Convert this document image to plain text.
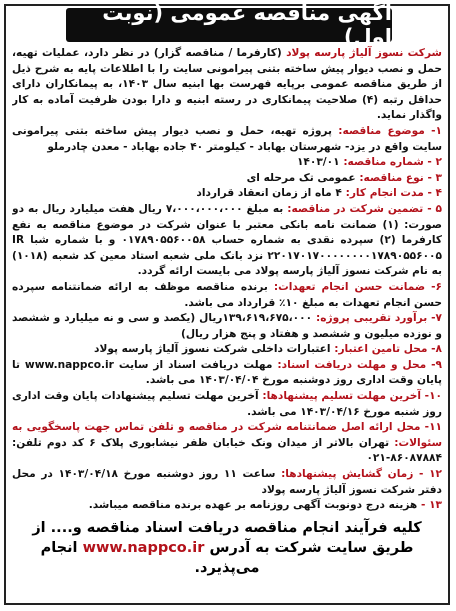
آگهی مناقصه عمومی (نوبت اول)

شرکت نسوز آلیاژ پارسه پولاد (کارفرما / مناقصه گزار) در نظر دارد، عملیات تهیه، حمل و نصب دیوار پیش ساخته بتنی پیرامونی سایت را با اطلاعات پایه به شرح ذیل از طریق مناقصه عمومی برپایه فهرست بها ابنیه سال ۱۴۰۳، به پیمانکاران دارای حداقل رتبه (۴) صلاحیت پیمانکاری در رسته ابنیه و دارا بودن ظرفیت آماده به کار واگذار نماید.

۱- موضوع مناقصه: پروژه تهیه، حمل و نصب دیوار پیش ساخته بتنی پیرامونی سایت واقع در یزد- شهرستان بهاباد - کیلومتر ۴۰ جاده بهاباد - معدن چادرملو

۲ - شماره مناقصه: ۱۴۰۳/۰۱

۳ - نوع مناقصه: عمومی تک مرحله ای

۴ - مدت انجام کار: ۴ ماه از زمان انعقاد قرارداد

۵ - تضمین شرکت در مناقصه: به مبلغ ۷،۰۰۰،۰۰۰،۰۰۰ ریال هفت میلیارد ریال به دو صورت: (۱) ضمانت نامه بانکی معتبر با عنوان شرکت در موضوع مناقصه به نفع کارفرما (۲) سپرده نقدی به شماره حساب ۰۱۷۸۹۰۵۵۶۰۰۵۸ و با شماره شبا IR ۲۲۰۱۷۰۱۷۰۰۰۰۰۰۰۰۱۷۸۹۰۵۵۶۰۰۵ نزد بانک ملی شعبه استاد معین کد شعبه (۱۰۱۸) به نام شرکت نسوز آلیاژ پارسه پولاد می بایست ارائه گردد.

۶- ضمانت حسن انجام تعهدات: برنده مناقصه موظف به ارائه ضمانتنامه سپرده حسن انجام تعهدات به مبلغ ۱۰٪ قرارداد می باشد.

۷- برآورد تقریبی پروژه: ۱۳۹،۶۱۹،۶۷۵،۰۰۰ریال (یکصد و سی و نه میلیارد و ششصد و نوزده میلیون و ششصد و هفتاد و پنج هزار ریال)

۸- محل تامین اعتبار: اعتبارات داخلی شرکت نسوز آلیاژ پارسه پولاد

۹- محل و مهلت دریافت اسناد: مهلت دریافت اسناد از سایت www.nappco.ir تا پایان وقت اداری روز دوشنبه مورخ ۱۴۰۳/۰۴/۰۴ می باشد.

۱۰- آخرین مهلت تسلیم پیشنهادها: آخرین مهلت تسلیم پیشنهادات پایان وقت اداری روز شنبه مورخ ۱۴۰۳/۰۴/۱۶ می باشد.

۱۱- محل ارائه اصل ضمانتنامه شرکت در مناقصه و تلفن تماس جهت پاسخگویی به سئوالات: تهران بالاتر از میدان ونک خیابان ظفر نیشابوری پلاک ۶ کد دوم تلفن: ۸۶۰۸۷۸۸۴-۰۲۱

۱۲ - زمان گشایش پیشنهادها: ساعت ۱۱ روز دوشنبه مورخ ۱۴۰۳/۰۴/۱۸ در محل دفتر شرکت نسوز آلیاژ پارسه پولاد

۱۳ - هزینه درج دونوبت آگهی روزنامه بر عهده برنده مناقصه میباشد.

کلیه فرآیند انجام مناقصه دریافت اسناد مناقصه و.... از طریق سایت شرکت به آدرس www.nappco.ir انجام می‌پذیرد.
